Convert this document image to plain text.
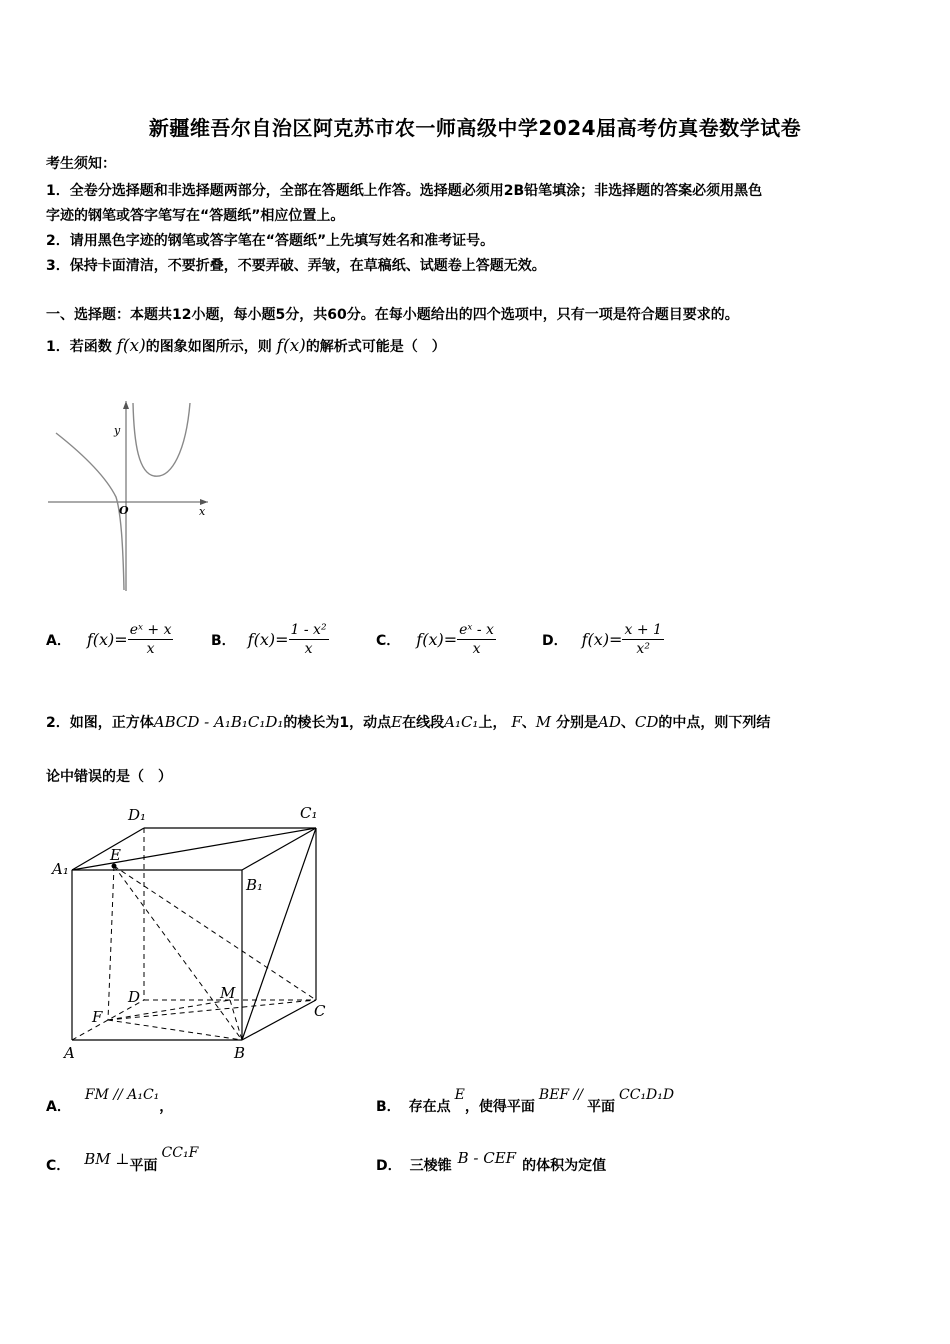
新疆维吾尔自治区阿克苏市农一师高级中学2024届高考仿真卷数学试卷
考生须知：
1．全卷分选择题和非选择题两部分，全部在答题纸上作答。选择题必须用2B铅笔填涂；非选择题的答案必须用黑色
字迹的钢笔或答字笔写在“答题纸”相应位置上。
2．请用黑色字迹的钢笔或答字笔在“答题纸”上先填写姓名和准考证号。
3．保持卡面清洁，不要折叠，不要弄破、弄皱，在草稿纸、试题卷上答题无效。
一、选择题：本题共12小题，每小题5分，共60分。在每小题给出的四个选项中，只有一项是符合题目要求的。
1．若函数 f(x)的图象如图所示，则 f(x)的解析式可能是（　）
y
x
O
A． $f(x)= \frac{\text{eˣ + x}}{x}$	B． $f(x)= \frac{\text{1 - x²}}{x}$	C． $f(x)= \frac{\text{eˣ - x}}{x}$	D． $f(x)= \frac{x + 1}{\text{x²}}$
2．如图，正方体ABCD - A₁B₁C₁D₁的棱长为1，动点E在线段A₁C₁上， F、M 分别是AD、CD的中点，则下列结
论中错误的是（　）
A₁
D₁	C₁
B₁
E
D	M
F	C
A	B
A．
FM // A₁C₁
，	B． 存在点
E
，使得平面
BEF //
平面
CC₁D₁D
C． BM ⊥ 平面
CC₁F
D． 三棱锥 B - CEF 的体积为定值
